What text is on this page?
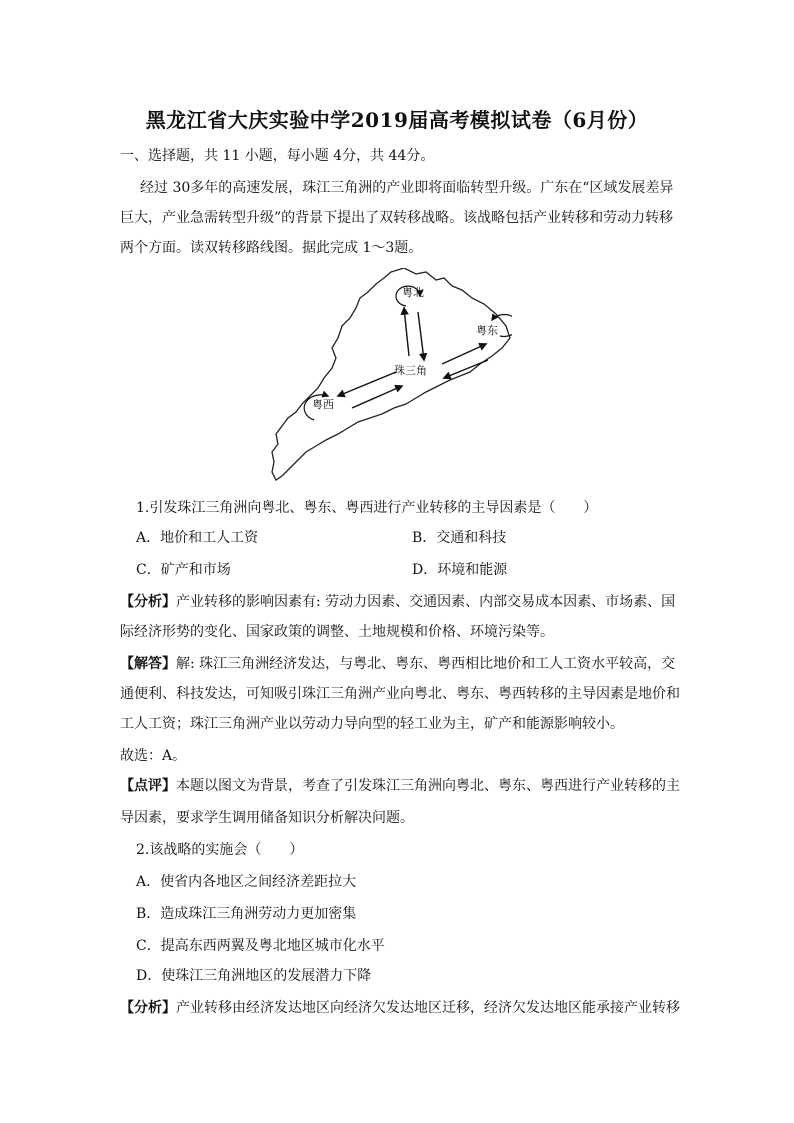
黑龙江省大庆实验中学2019届高考模拟试卷（6月份）
一、选择题，共 11 小题，每小题 4分，共 44分。
经过 30多年的高速发展，珠江三角洲的产业即将面临转型升级。广东在“区域发展差异
巨大，产业急需转型升级”的背景下提出了双转移战略。该战略包括产业转移和劳动力转移
两个方面。读双转移路线图。据此完成 1～3题。
粤北
粤东
粤西
珠三角
1.引发珠江三角洲向粤北、粤东、粤西进行产业转移的主导因素是（　　）
A．地价和工人工资	B．交通和科技
C．矿产和市场	D．环境和能源
【分析】产业转移的影响因素有: 劳动力因素、交通因素、内部交易成本因素、市场素、国
际经济形势的变化、国家政策的调整、土地规模和价格、环境污染等。
【解答】解: 珠江三角洲经济发达，与粤北、粤东、粤西相比地价和工人工资水平较高，交
通便利、科技发达，可知吸引珠江三角洲产业向粤北、粤东、粤西转移的主导因素是地价和
工人工资；珠江三角洲产业以劳动力导向型的轻工业为主，矿产和能源影响较小。
故选：A。
【点评】本题以图文为背景，考查了引发珠江三角洲向粤北、粤东、粤西进行产业转移的主
导因素，要求学生调用储备知识分析解决问题。
2.该战略的实施会（　　）
A．使省内各地区之间经济差距拉大
B．造成珠江三角洲劳动力更加密集
C．提高东西两翼及粤北地区城市化水平
D．使珠江三角洲地区的发展潜力下降
【分析】产业转移由经济发达地区向经济欠发达地区迁移，经济欠发达地区能承接产业转移
